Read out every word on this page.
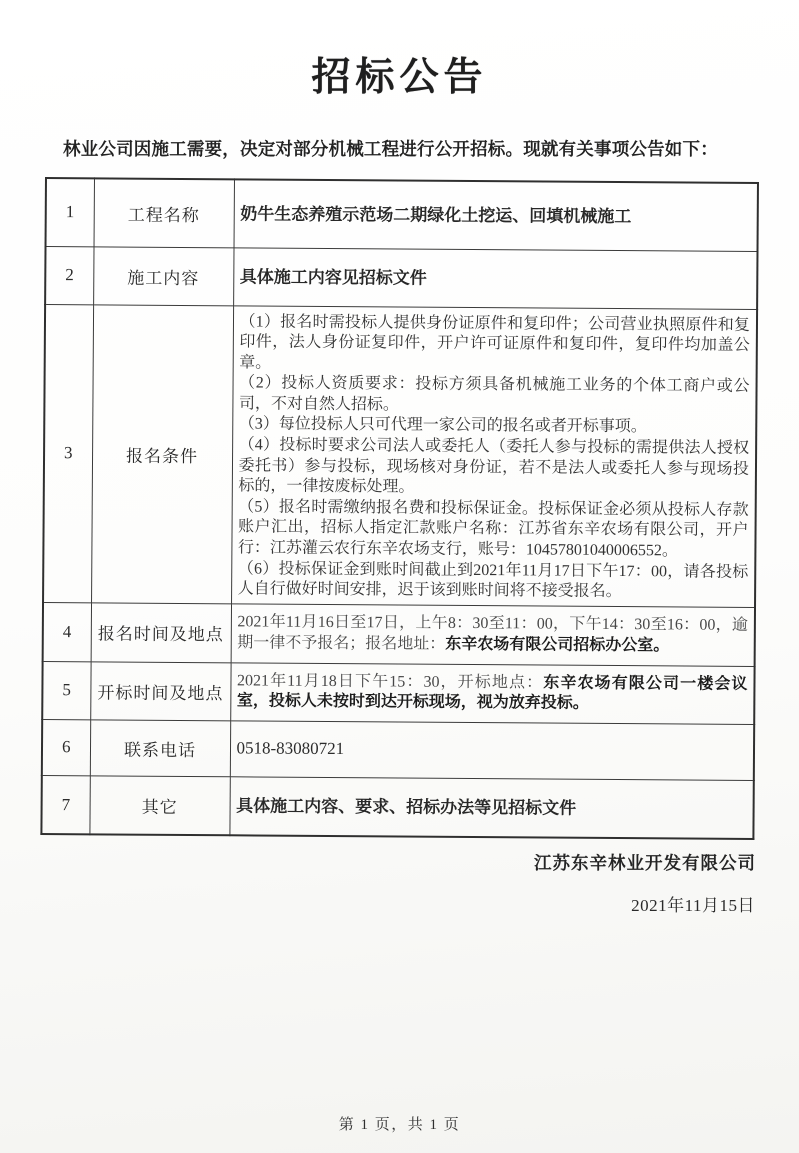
招标公告
林业公司因施工需要，决定对部分机械工程进行公开招标。现就有关事项公告如下：
1	工程名称	奶牛生态养殖示范场二期绿化土挖运、回填机械施工

2	施工内容	具体施工内容见招标文件

3	报名条件	
（1）报名时需投标人提供身份证原件和复印件；公司营业执照原件和复印件，法人身份证复印件，开户许可证原件和复印件，复印件均加盖公章。
（2）投标人资质要求：投标方须具备机械施工业务的个体工商户或公司，不对自然人招标。
（3）每位投标人只可代理一家公司的报名或者开标事项。
（4）投标时要求公司法人或委托人（委托人参与投标的需提供法人授权委托书）参与投标，现场核对身份证，若不是法人或委托人参与现场投标的，一律按废标处理。
（5）报名时需缴纳报名费和投标保证金。投标保证金必须从投标人存款账户汇出，招标人指定汇款账户名称：江苏省东辛农场有限公司，开户行：江苏灌云农行东辛农场支行，账号：10457801040006552。
（6）投标保证金到账时间截止到2021年11月17日下午17：00，请各投标人自行做好时间安排，迟于该到账时间将不接受报名。

4	报名时间及地点	2021年11月16日至17日，上午8：30至11：00，下午14：30至16：00，逾期一律不予报名；报名地址：东辛农场有限公司招标办公室。

5	开标时间及地点	2021年11月18日下午15：30，开标地点：东辛农场有限公司一楼会议室，投标人未按时到达开标现场，视为放弃投标。

6	联系电话	0518-83080721

7	其它	具体施工内容、要求、招标办法等见招标文件
江苏东辛林业开发有限公司
2021年11月15日
第 1 页，共 1 页
